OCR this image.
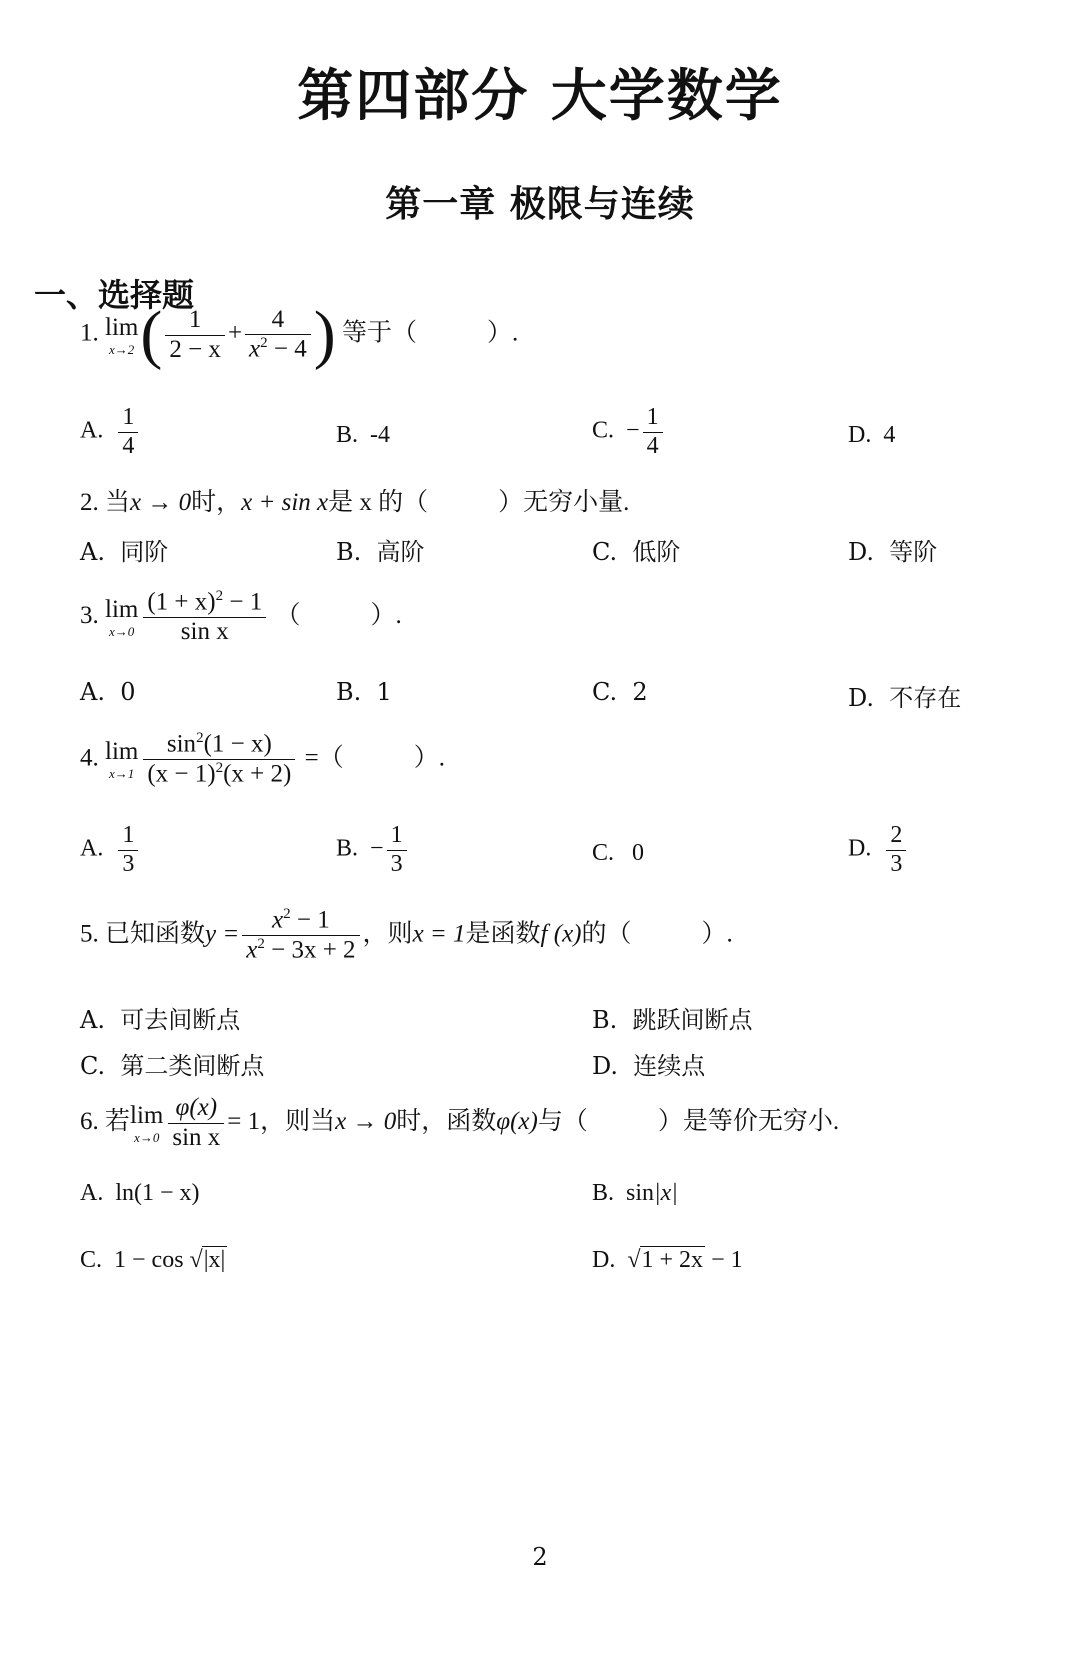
第四部分 大学数学
第一章 极限与连续
一、选择题
1. lim
x→2 ( $\frac{1}{2 - x} + \frac{4}{x^2 - 4}$ ) 等于（	）.
A. $\frac{1}{4}$	B. -4	C. − $\frac{1}{4}$	D. 4
2. 当x → 0时，x + sin x是 x 的（	）无穷小量.
A. 同阶	B. 高阶	C. 低阶	D. 等阶
3. lim
$x\to 0 \frac{(1 + x)^2 - 1}{\text{sin x}}$ （	）.
A. 0	B. 1	C. 2	D. 不存在
4. lim
$x\to 1 \frac{\sin^2(1 - x)}{(x - 1)^2(x + 2)}$ =（	）.
A. $\frac{1}{3}$	B. − $\frac{1}{3}$	C. 0	D. $\frac{2}{3}$
5. 已知函数$y = \frac{x^2 - 1}{x^2 - 3x + 2}$ ，则x = 1是函数f (x)的（	）.
A. 可去间断点	B. 跳跃间断点
C. 第二类间断点	D. 连续点
6. 若 lim
$x\to 0 \frac{\varphi(x)}{\text{sin x}} = 1$，则当x → 0时，函数φ(x)与（	）是等价无穷小.
A. ln(1 − x)	B. sin|x|
C. 1 − cos √|x|	D.  √1 + 2x − 1
2
